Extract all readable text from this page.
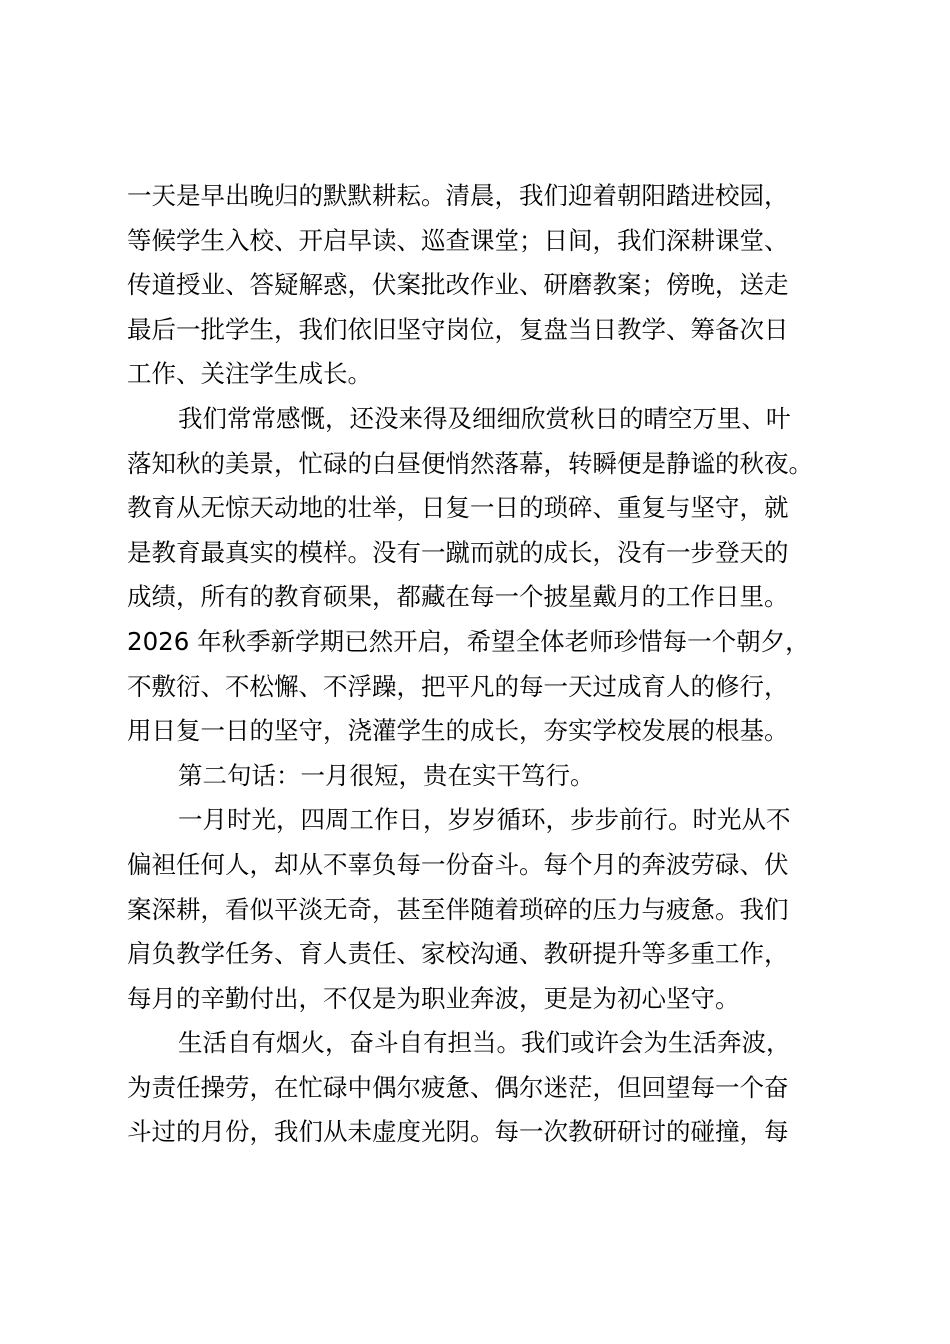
一天是早出晚归的默默耕耘。清晨，我们迎着朝阳踏进校园，
等候学生入校、开启早读、巡查课堂；日间，我们深耕课堂、
传道授业、答疑解惑，伏案批改作业、研磨教案；傍晚，送走
最后一批学生，我们依旧坚守岗位，复盘当日教学、筹备次日
工作、关注学生成长。

我们常常感慨，还没来得及细细欣赏秋日的晴空万里、叶
落知秋的美景，忙碌的白昼便悄然落幕，转瞬便是静谧的秋夜。
教育从无惊天动地的壮举，日复一日的琐碎、重复与坚守，就
是教育最真实的模样。没有一蹴而就的成长，没有一步登天的
成绩，所有的教育硕果，都藏在每一个披星戴月的工作日里。
2026 年秋季新学期已然开启，希望全体老师珍惜每一个朝夕，
不敷衍、不松懈、不浮躁，把平凡的每一天过成育人的修行，
用日复一日的坚守，浇灌学生的成长，夯实学校发展的根基。

第二句话：一月很短，贵在实干笃行。

一月时光，四周工作日，岁岁循环，步步前行。时光从不
偏袒任何人，却从不辜负每一份奋斗。每个月的奔波劳碌、伏
案深耕，看似平淡无奇，甚至伴随着琐碎的压力与疲惫。我们
肩负教学任务、育人责任、家校沟通、教研提升等多重工作，
每月的辛勤付出，不仅是为职业奔波，更是为初心坚守。

生活自有烟火，奋斗自有担当。我们或许会为生活奔波，
为责任操劳，在忙碌中偶尔疲惫、偶尔迷茫，但回望每一个奋
斗过的月份，我们从未虚度光阴。每一次教研研讨的碰撞，每
